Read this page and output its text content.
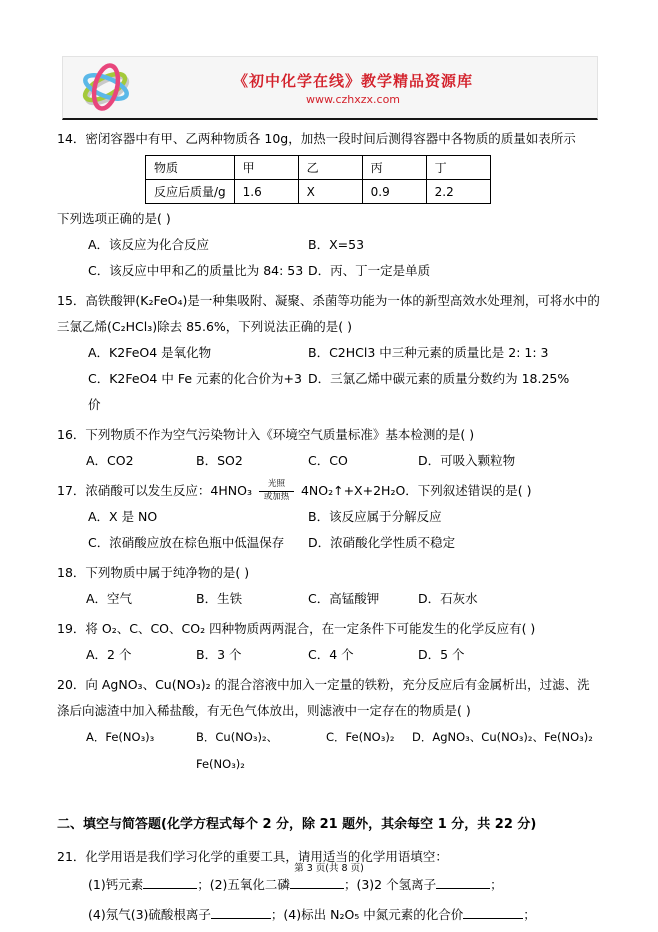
《初中化学在线》教学精品资源库
www.czhxzx.com
14．密闭容器中有甲、乙两种物质各 10g，加热一段时间后测得容器中各物质的质量如表所示
物质	甲	乙	丙	丁
反应后质量/g	1.6	X	0.9	2.2
下列选项正确的是( )
A．该反应为化合反应	B．X=53
C．该反应中甲和乙的质量比为 84: 53 D．丙、丁一定是单质
15．高铁酸钾(K₂FeO₄)是一种集吸附、凝聚、杀菌等功能为一体的新型高效水处理剂，可将水中的三氯乙烯(C₂HCl₃)除去 85.6%，下列说法正确的是( )
A．K2FeO4 是氧化物	B．C2HCl3 中三种元素的质量比是 2: 1: 3
C．K2FeO4 中 Fe 元素的化合价为+3 价
D．三氯乙烯中碳元素的质量分数约为 18.25%
16．下列物质不作为空气污染物计入《环境空气质量标准》基本检测的是( )
A．CO2	B．SO2	C．CO	D．可吸入颗粒物
17．浓硝酸可以发生反应：4HNO₃	光照
或加热 4NO₂↑+X+2H₂O．下列叙述错误的是( )
A．X 是 NO	B．该反应属于分解反应
C．浓硝酸应放在棕色瓶中低温保存	D．浓硝酸化学性质不稳定
18．下列物质中属于纯净物的是( )
A．空气	B．生铁	C．高锰酸钾	D．石灰水
19．将 O₂、C、CO、CO₂ 四种物质两两混合，在一定条件下可能发生的化学反应有( )
A．2 个	B．3 个	C．4 个	D．5 个
20．向 AgNO₃、Cu(NO₃)₂ 的混合溶液中加入一定量的铁粉，充分反应后有金属析出，过滤、洗涤后向滤渣中加入稀盐酸，有无色气体放出，则滤液中一定存在的物质是( )
A．Fe(NO₃)₃	B．Cu(NO₃)₂、Fe(NO₃)₂
C．Fe(NO₃)₂	D．AgNO₃、Cu(NO₃)₂、Fe(NO₃)₂
二、填空与简答题(化学方程式每个 2 分，除 21 题外，其余每空 1 分，共 22 分)
21．化学用语是我们学习化学的重要工具，请用适当的化学用语填空：
(1)钙元素	；(2)五氧化二磷	；(3)2 个氢离子	；
(4)氖气(3)硫酸根离子	；(4)标出 N₂O₅ 中氮元素的化合价	；
第 3 页(共 8 页)
